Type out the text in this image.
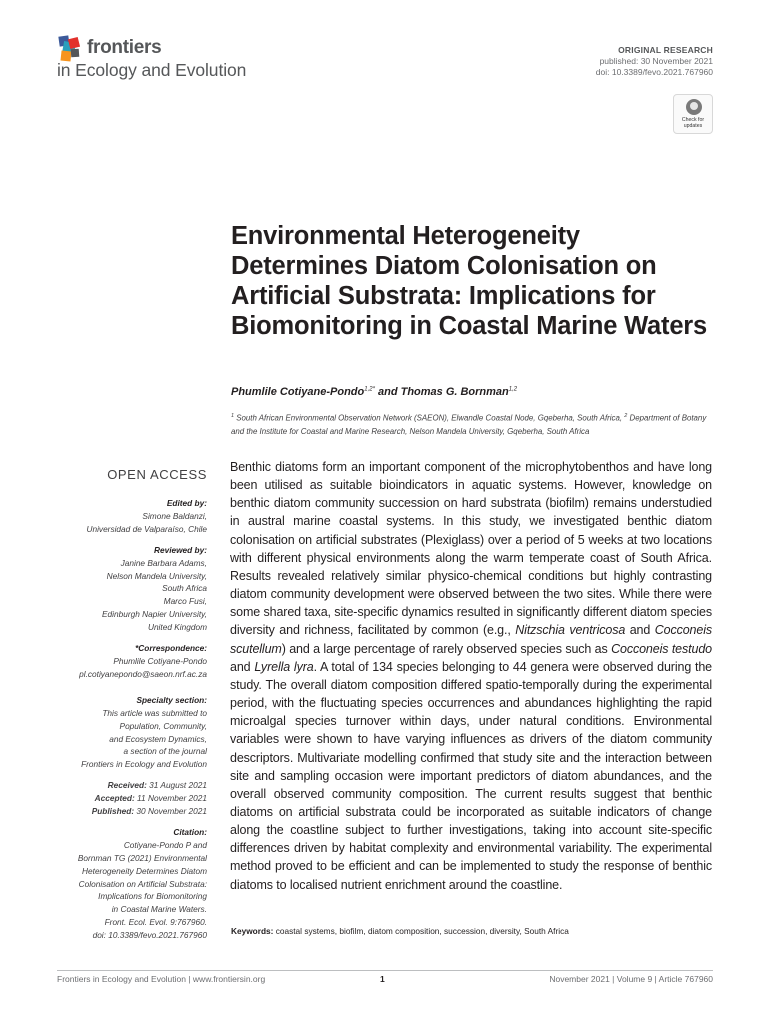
frontiers
in Ecology and Evolution
ORIGINAL RESEARCH
published: 30 November 2021
doi: 10.3389/fevo.2021.767960
Check for updates
Environmental Heterogeneity Determines Diatom Colonisation on Artificial Substrata: Implications for Biomonitoring in Coastal Marine Waters
Phumlile Cotiyane-Pondo$^{1,2*}$ and Thomas G. Bornman$^{1,2}$
$^1$ South African Environmental Observation Network (SAEON), Elwandle Coastal Node, Gqeberha, South Africa, $^2$ Department of Botany and the Institute for Coastal and Marine Research, Nelson Mandela University, Gqeberha, South Africa
OPEN ACCESS
Edited by:
Simone Baldanzi,
Universidad de Valparaíso, Chile
Reviewed by:
Janine Barbara Adams,
Nelson Mandela University,
South Africa
Marco Fusi,
Edinburgh Napier University,
United Kingdom
*Correspondence:
Phumlile Cotiyane-Pondo
pl.cotiyanepondo@saeon.nrf.ac.za
Specialty section:
This article was submitted to
Population, Community,
and Ecosystem Dynamics,
a section of the journal
Frontiers in Ecology and Evolution
Received: 31 August 2021
Accepted: 11 November 2021
Published: 30 November 2021
Citation:
Cotiyane-Pondo P and
Bornman TG (2021) Environmental
Heterogeneity Determines Diatom
Colonisation on Artificial Substrata:
Implications for Biomonitoring
in Coastal Marine Waters.
Front. Ecol. Evol. 9:767960.
doi: 10.3389/fevo.2021.767960
Benthic diatoms form an important component of the microphytobenthos and have long been utilised as suitable bioindicators in aquatic systems. However, knowledge on benthic diatom community succession on hard substrata (biofilm) remains understudied in austral marine coastal systems. In this study, we investigated benthic diatom colonisation on artificial substrates (Plexiglass) over a period of 5 weeks at two locations with different physical environments along the warm temperate coast of South Africa. Results revealed relatively similar physico-chemical conditions but highly contrasting diatom community development were observed between the two sites. While there were some shared taxa, site-specific dynamics resulted in significantly different diatom species diversity and richness, facilitated by common (e.g., Nitzschia ventricosa and Cocconeis scutellum) and a large percentage of rarely observed species such as Cocconeis testudo and Lyrella lyra. A total of 134 species belonging to 44 genera were observed during the study. The overall diatom composition differed spatio-temporally during the experimental period, with the fluctuating species occurrences and abundances highlighting the rapid microalgal species turnover within days, under natural conditions. Environmental variables were shown to have varying influences as drivers of the diatom community descriptors. Multivariate modelling confirmed that study site and the interaction between site and sampling occasion were important predictors of diatom abundances, and the overall observed community composition. The current results suggest that benthic diatoms on artificial substrata could be incorporated as suitable indicators of change along the coastline subject to further investigations, taking into account site-specific differences driven by habitat complexity and environmental variability. The experimental method proved to be efficient and can be implemented to study the response of benthic diatoms to localised nutrient enrichment around the coastline.
Keywords: coastal systems, biofilm, diatom composition, succession, diversity, South Africa
Frontiers in Ecology and Evolution | www.frontiersin.org	1	November 2021 | Volume 9 | Article 767960
